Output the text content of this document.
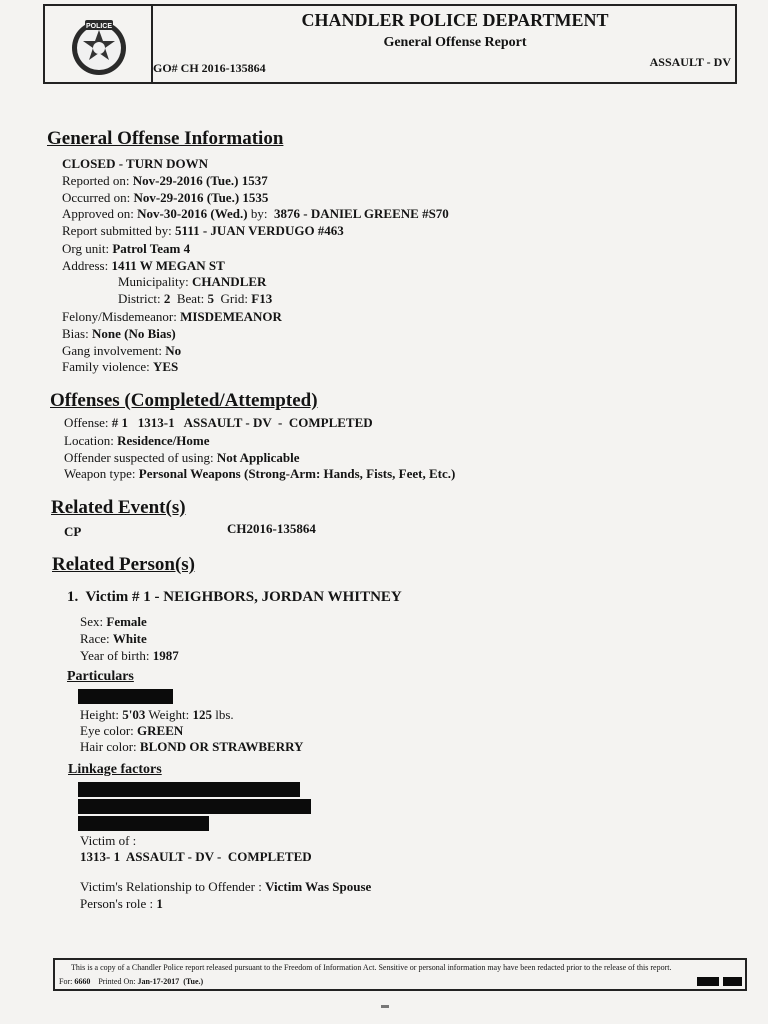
POLICE	CHANDLER POLICE DEPARTMENT
General Offense Report
GO# CH 2016-135864	ASSAULT - DV
General Offense Information
CLOSED - TURN DOWN
Reported on: Nov-29-2016 (Tue.) 1537
Occurred on: Nov-29-2016 (Tue.) 1535
Approved on: Nov-30-2016 (Wed.) by:  3876 - DANIEL GREENE #S70
Report submitted by: 5111 - JUAN VERDUGO #463
Org unit: Patrol Team 4
Address: 1411 W MEGAN ST
Municipality: CHANDLER
District: 2  Beat: 5  Grid: F13
Felony/Misdemeanor: MISDEMEANOR
Bias: None (No Bias)
Gang involvement: No
Family violence: YES
Offenses (Completed/Attempted)
Offense: # 1   1313-1   ASSAULT - DV  -  COMPLETED
Location: Residence/Home
Offender suspected of using: Not Applicable
Weapon type: Personal Weapons (Strong-Arm: Hands, Fists, Feet, Etc.)
Related Event(s)
CP	CH2016-135864
Related Person(s)
1.  Victim # 1 - NEIGHBORS, JORDAN WHITNEY
Sex: Female
Race: White
Year of birth: 1987
Particulars
Height: 5'03 Weight: 125 lbs.
Eye color: GREEN
Hair color: BLOND OR STRAWBERRY
Linkage factors
Victim of :
1313- 1  ASSAULT - DV -  COMPLETED
Victim's Relationship to Offender : Victim Was Spouse
Person's role : 1
This is a copy of a Chandler Police report released pursuant to the Freedom of Information Act. Sensitive or personal information may have been redacted prior to the release of this report.
For: 6660    Printed On: Jan-17-2017  (Tue.)
